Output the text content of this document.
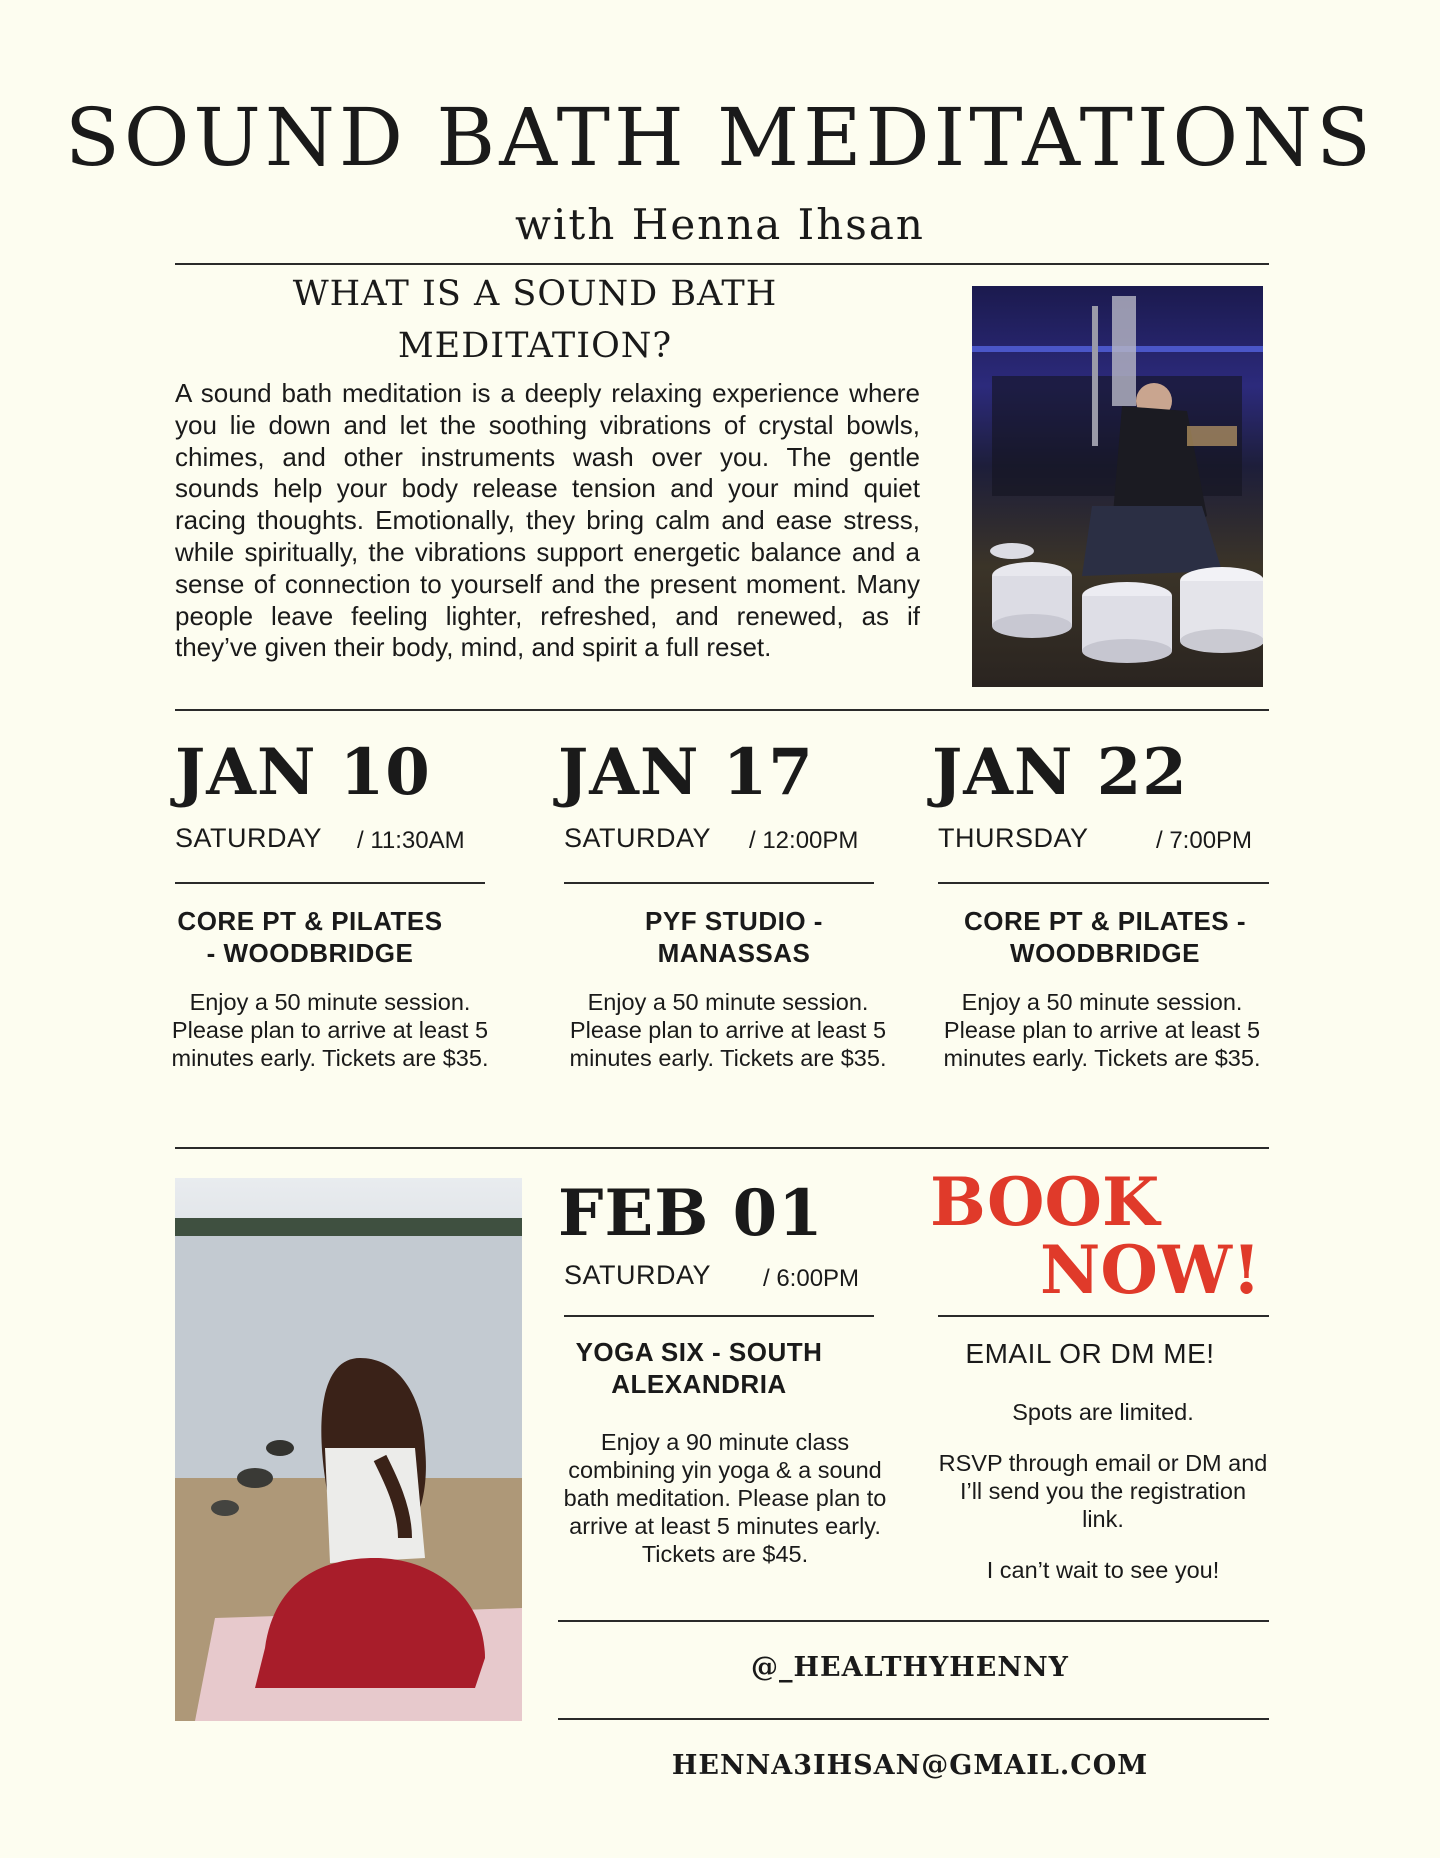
SOUND BATH MEDITATIONS
with Henna Ihsan
WHAT IS A SOUND BATH MEDITATION?
A sound bath meditation is a deeply relaxing experience where you lie down and let the soothing vibrations of crystal bowls, chimes, and other instruments wash over you. The gentle sounds help your body release tension and your mind quiet racing thoughts. Emotionally, they bring calm and ease stress, while spiritually, the vibrations support energetic balance and a sense of connection to yourself and the present moment. Many people leave feeling lighter, refreshed, and renewed, as if they’ve given their body, mind, and spirit a full reset.
JAN 10
SATURDAY / 11:30AM
CORE PT & PILATES - WOODBRIDGE
Enjoy a 50 minute session. Please plan to arrive at least 5 minutes early. Tickets are $35.
JAN 17
SATURDAY / 12:00PM
PYF STUDIO - MANASSAS
Enjoy a 50 minute session. Please plan to arrive at least 5 minutes early. Tickets are $35.
JAN 22
THURSDAY	/ 7:00PM
CORE PT & PILATES - WOODBRIDGE
Enjoy a 50 minute session. Please plan to arrive at least 5 minutes early. Tickets are $35.
FEB 01
SATURDAY / 6:00PM
YOGA SIX - SOUTH ALEXANDRIA
Enjoy a 90 minute class combining yin yoga & a sound bath meditation. Please plan to arrive at least 5 minutes early. Tickets are $45.
BOOK
NOW!
EMAIL OR DM ME!

Spots are limited.

RSVP through email or DM and I’ll send you the registration link.

I can’t wait to see you!

@_HEALTHYHENNY
HENNA3IHSAN@GMAIL.COM
